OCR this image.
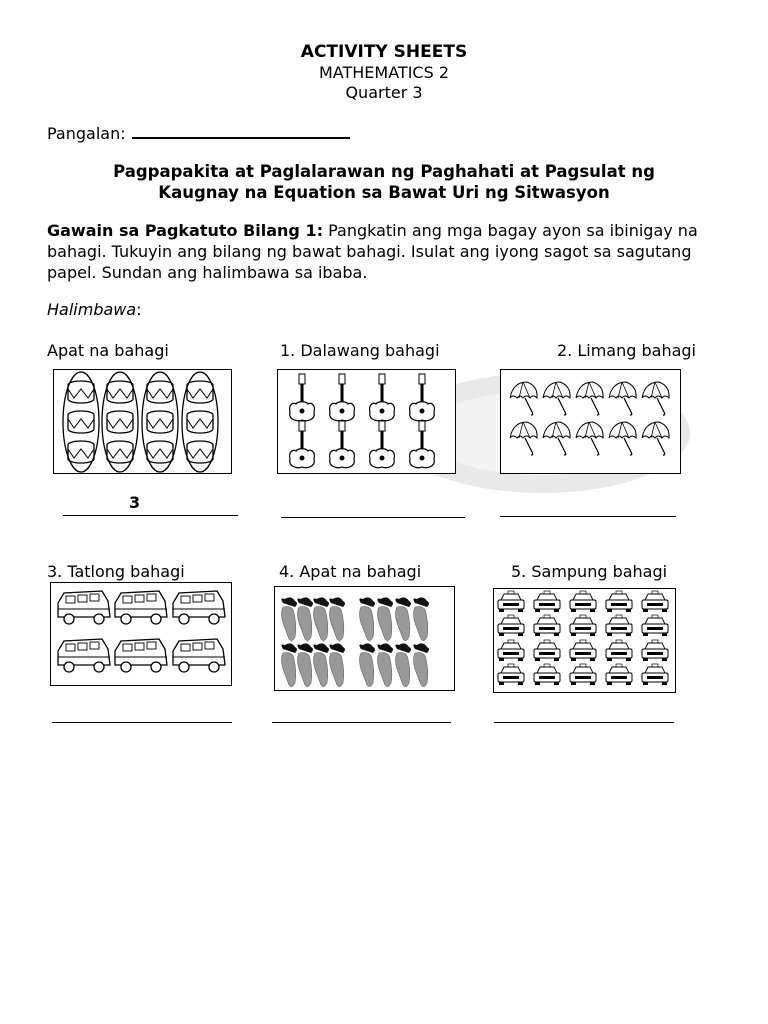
ACTIVITY SHEETS
MATHEMATICS 2
Quarter 3
Pangalan:
Pagpapakita at Paglalarawan ng Paghahati at Pagsulat ng
Kaugnay na Equation sa Bawat Uri ng Sitwasyon
Gawain sa Pagkatuto Bilang 1: Pangkatin ang mga bagay ayon sa ibinigay na bahagi. Tukuyin ang bilang ng bawat bahagi. Isulat ang iyong sagot sa sagutang papel. Sundan ang halimbawa sa ibaba.
Halimbawa:
Apat na bahagi	1. Dalawang bahagi	2. Limang bahagi
3
3. Tatlong bahagi	4. Apat na bahagi	5. Sampung bahagi
